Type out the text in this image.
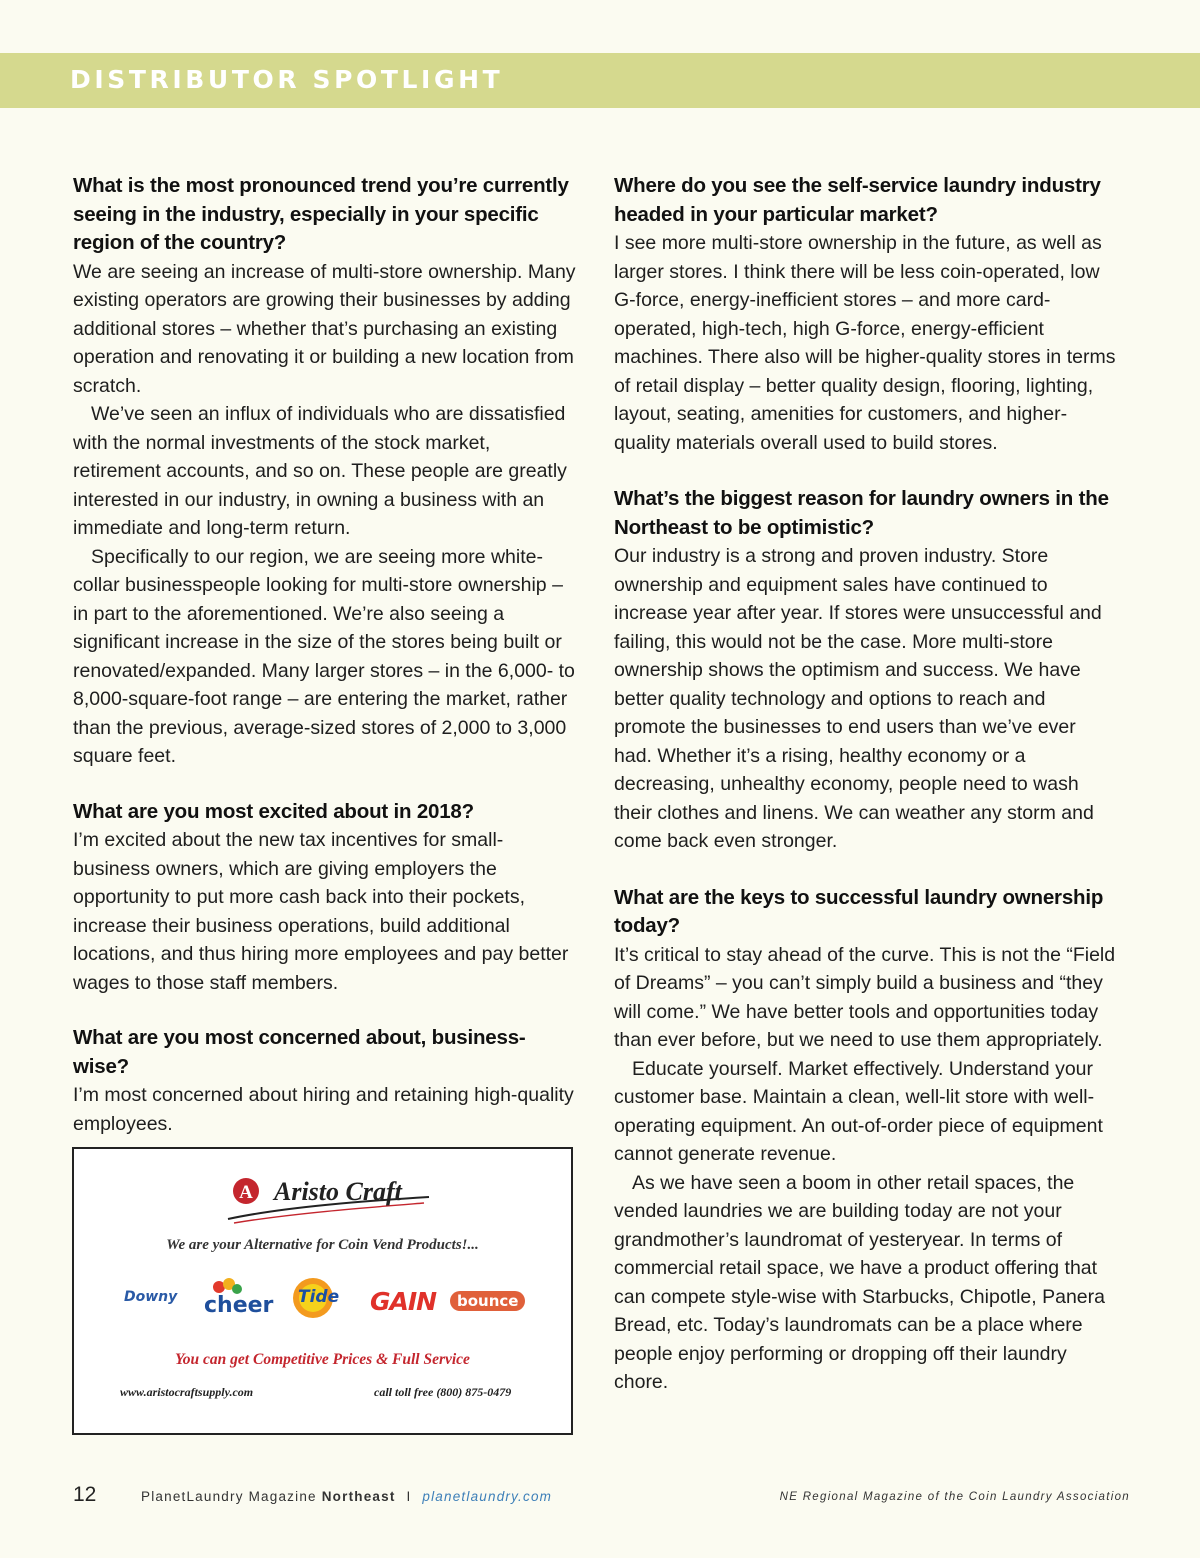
DISTRIBUTOR SPOTLIGHT

What is the most pronounced trend you’re currently seeing in the industry, especially in your specific region of the country?

We are seeing an increase of multi-store ownership. Many existing operators are growing their businesses by adding additional stores – whether that’s purchasing an existing operation and renovating it or building a new location from scratch.

We’ve seen an influx of individuals who are dissatisfied with the normal investments of the stock market, retirement accounts, and so on. These people are greatly interested in our industry, in owning a business with an immediate and long-term return.

Specifically to our region, we are seeing more white-collar businesspeople looking for multi-store ownership – in part to the aforementioned. We’re also seeing a significant increase in the size of the stores being built or renovated/expanded. Many larger stores – in the 6,000- to 8,000-square-foot range – are entering the market, rather than the previous, average-sized stores of 2,000 to 3,000 square feet.

What are you most excited about in 2018?

I’m excited about the new tax incentives for small-business owners, which are giving employers the opportunity to put more cash back into their pockets, increase their business operations, build additional locations, and thus hiring more employees and pay better wages to those staff members.

What are you most concerned about, business-wise?

I’m most concerned about hiring and retaining high-quality employees.

Where do you see the self-service laundry industry headed in your particular market?

I see more multi-store ownership in the future, as well as larger stores. I think there will be less coin-operated, low G-force, energy-inefficient stores – and more card-operated, high-tech, high G-force, energy-efficient machines. There also will be higher-quality stores in terms of retail display – better quality design, flooring, lighting, layout, seating, amenities for customers, and higher-quality materials overall used to build stores.

What’s the biggest reason for laundry owners in the Northeast to be optimistic?

Our industry is a strong and proven industry. Store ownership and equipment sales have continued to increase year after year. If stores were unsuccessful and failing, this would not be the case. More multi-store ownership shows the optimism and success. We have better quality technology and options to reach and promote the businesses to end users than we’ve ever had. Whether it’s a rising, healthy economy or a decreasing, unhealthy economy, people need to wash their clothes and linens. We can weather any storm and come back even stronger.

What are the keys to successful laundry ownership today?

It’s critical to stay ahead of the curve. This is not the “Field of Dreams” – you can’t simply build a business and “they will come.” We have better tools and opportunities today than ever before, but we need to use them appropriately.

Educate yourself. Market effectively. Understand your customer base. Maintain a clean, well-lit store with well-operating equipment. An out-of-order piece of equipment cannot generate revenue.

As we have seen a boom in other retail spaces, the vended laundries we are building today are not your grandmother’s laundromat of yesteryear. In terms of commercial retail space, we have a product offering that can compete style-wise with Starbucks, Chipotle, Panera Bread, etc. Today’s laundromats can be a place where people enjoy performing or dropping off their laundry chore.

A Aristo Craft
We are your Alternative for Coin Vend Products!...
Downy cheer Tide GAIN	bounce
You can get Competitive Prices & Full Service
www.aristocraftsupply.com	call toll free (800) 875-0479
12	PlanetLaundry Magazine Northeast I planetlaundry.com	NE Regional Magazine of the Coin Laundry Association
